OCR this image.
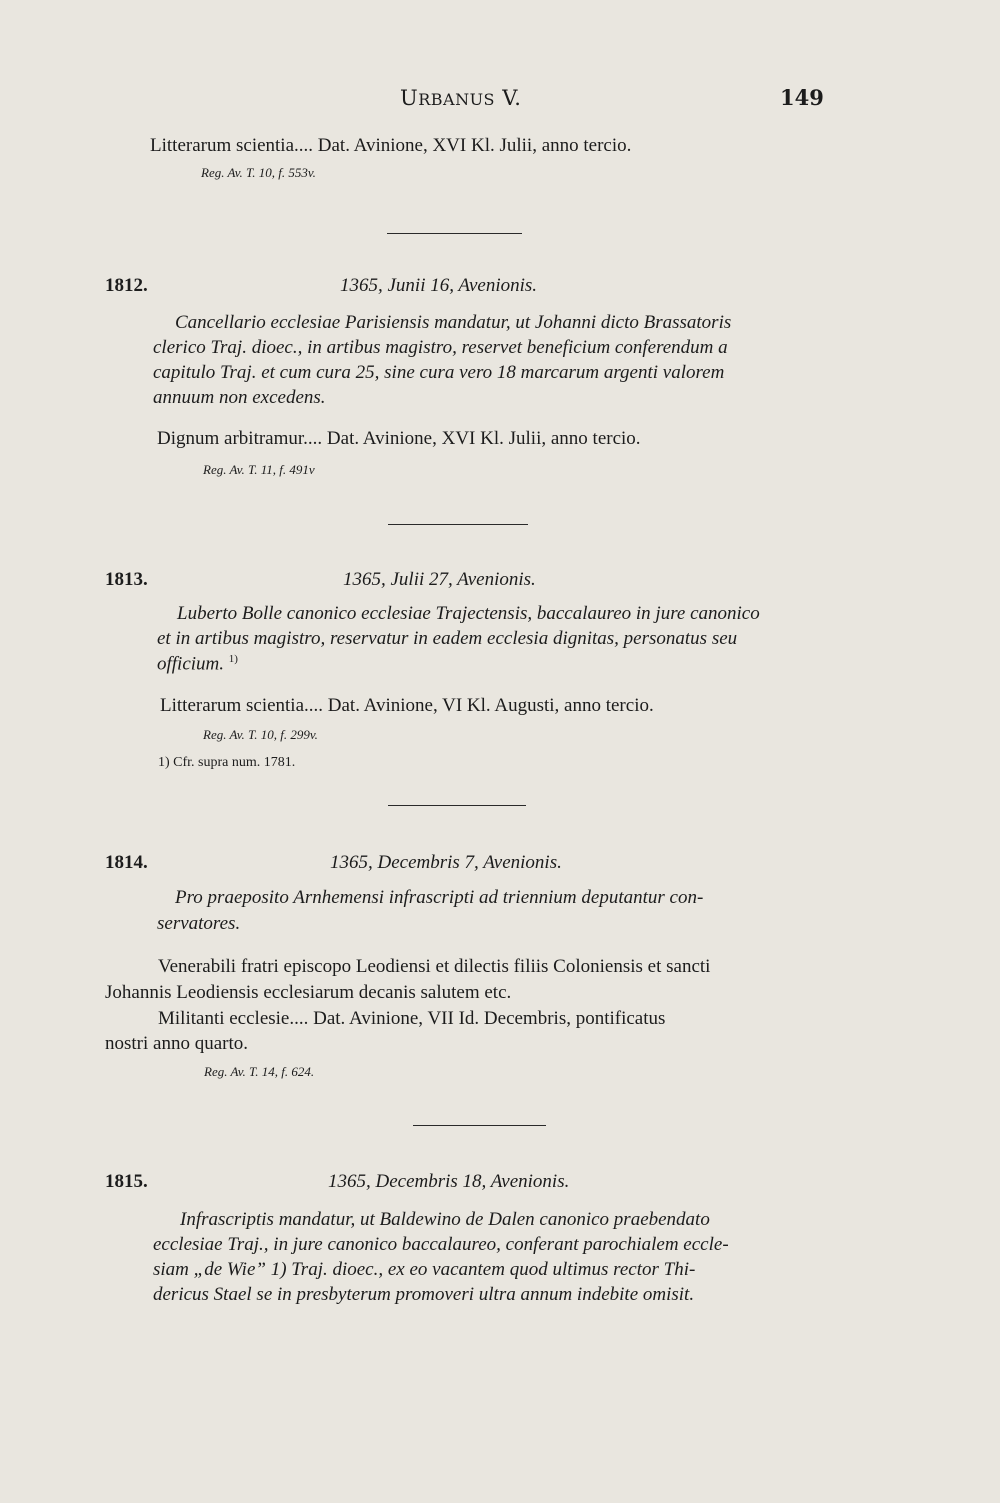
URBANUS V.	149
Litterarum scientia.... Dat. Avinione, XVI Kl. Julii, anno tercio.
Reg. Av. T. 10, f. 553v.
1812.	1365, Junii 16, Avenionis.
Cancellario ecclesiae Parisiensis mandatur, ut Johanni dicto Brassatoris
clerico Traj. dioec., in artibus magistro, reservet beneficium conferendum a
capitulo Traj. et cum cura 25, sine cura vero 18 marcarum argenti valorem
annuum non excedens.
Dignum arbitramur.... Dat. Avinione, XVI Kl. Julii, anno tercio.
Reg. Av. T. 11, f. 491v
1813.	1365, Julii 27, Avenionis.
Luberto Bolle canonico ecclesiae Trajectensis, baccalaureo in jure canonico
et in artibus magistro, reservatur in eadem ecclesia dignitas, personatus seu
officium. $^{1)}$
Litterarum scientia.... Dat. Avinione, VI Kl. Augusti, anno tercio.
Reg. Av. T. 10, f. 299v.
1) Cfr. supra num. 1781.
1814.	1365, Decembris 7, Avenionis.
Pro praeposito Arnhemensi infrascripti ad triennium deputantur con-
servatores.
Venerabili fratri episcopo Leodiensi et dilectis filiis Coloniensis et sancti
Johannis Leodiensis ecclesiarum decanis salutem etc.
Militanti ecclesie.... Dat. Avinione, VII Id. Decembris, pontificatus
nostri anno quarto.
Reg. Av. T. 14, f. 624.
1815.	1365, Decembris 18, Avenionis.
Infrascriptis mandatur, ut Baldewino de Dalen canonico praebendato
ecclesiae Traj., in jure canonico baccalaureo, conferant parochialem eccle-
siam „de Wie” 1) Traj. dioec., ex eo vacantem quod ultimus rector Thi-
dericus Stael se in presbyterum promoveri ultra annum indebite omisit.
